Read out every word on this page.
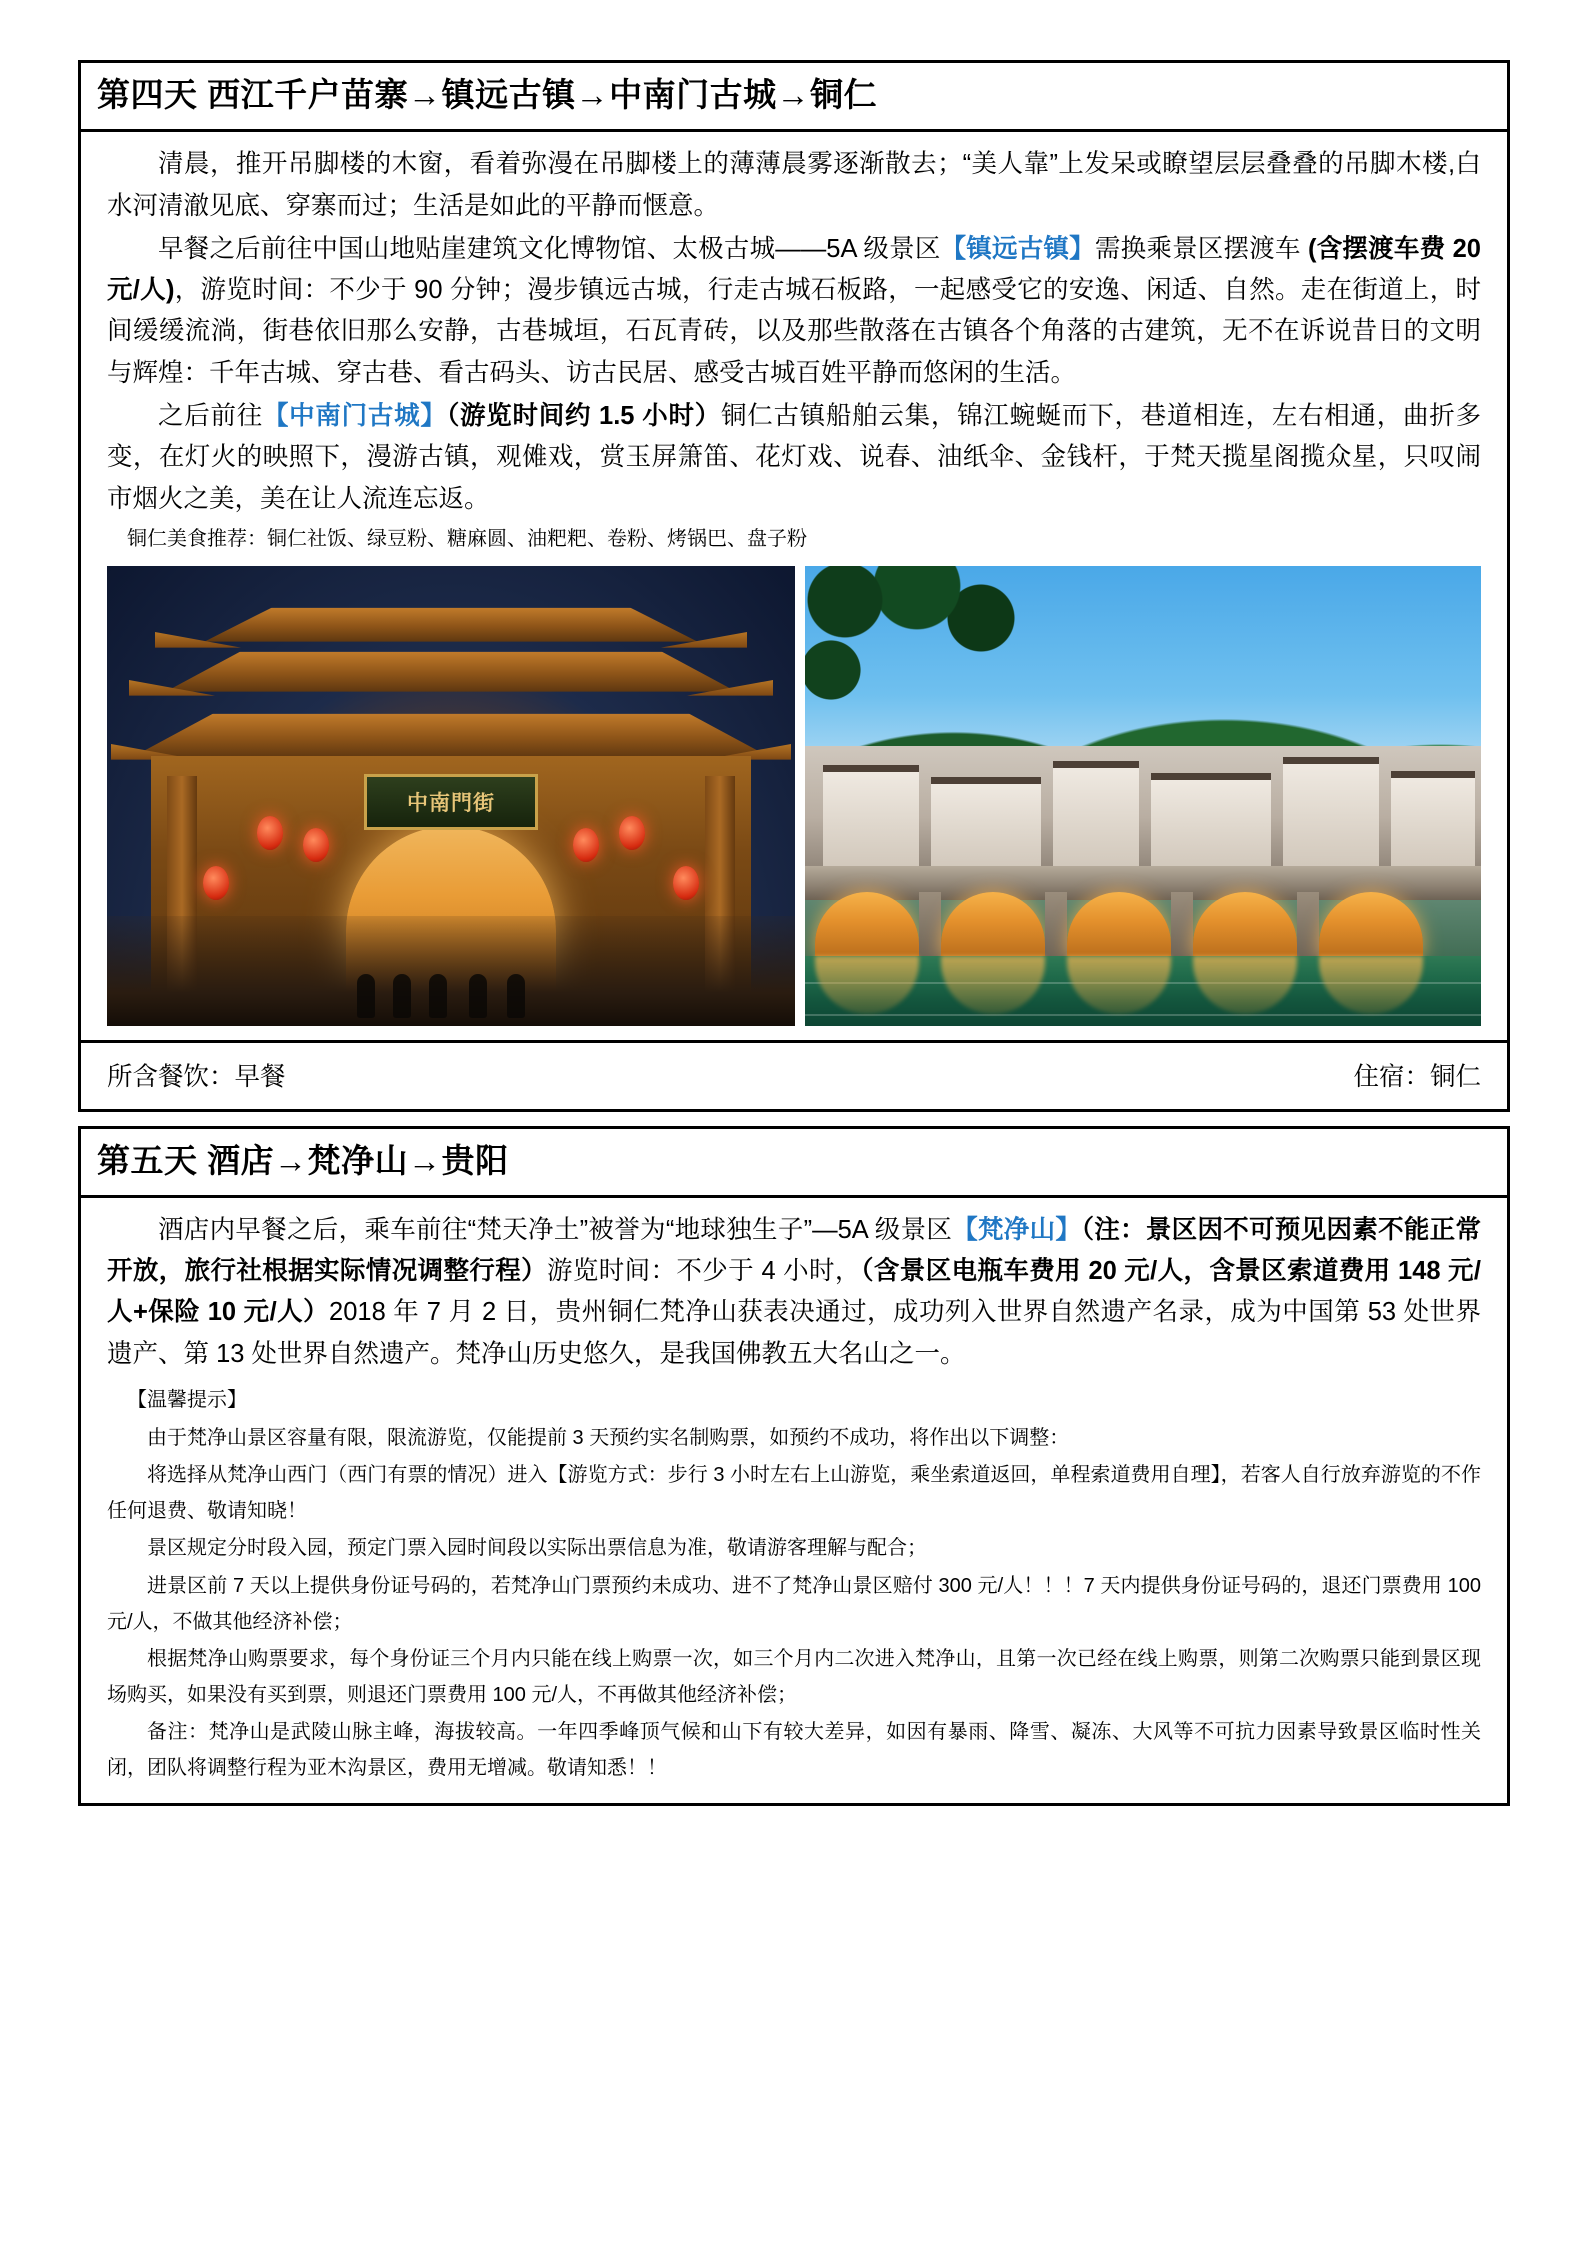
第四天 西江千户苗寨→镇远古镇→中南门古城→铜仁

清晨，推开吊脚楼的木窗，看着弥漫在吊脚楼上的薄薄晨雾逐渐散去；“美人靠”上发呆或瞭望层层叠叠的吊脚木楼,白水河清澈见底、穿寨而过；生活是如此的平静而惬意。

早餐之后前往中国山地贴崖建筑文化博物馆、太极古城——5A 级景区【镇远古镇】需换乘景区摆渡车 (含摆渡车费 20 元/人)，游览时间：不少于 90 分钟；漫步镇远古城，行走古城石板路，一起感受它的安逸、闲适、自然。走在街道上，时间缓缓流淌，街巷依旧那么安静，古巷城垣，石瓦青砖，以及那些散落在古镇各个角落的古建筑，无不在诉说昔日的文明与辉煌：千年古城、穿古巷、看古码头、访古民居、感受古城百姓平静而悠闲的生活。

之后前往【中南门古城】（游览时间约 1.5 小时）铜仁古镇船舶云集，锦江蜿蜒而下，巷道相连，左右相通，曲折多变，在灯火的映照下，漫游古镇，观傩戏，赏玉屏箫笛、花灯戏、说春、油纸伞、金钱杆，于梵天揽星阁揽众星，只叹闹市烟火之美，美在让人流连忘返。

铜仁美食推荐：铜仁社饭、绿豆粉、糖麻圆、油粑粑、卷粉、烤锅巴、盘子粉

中南門街
所含餐饮：早餐	住宿：铜仁
第五天 酒店→梵净山→贵阳

酒店内早餐之后，乘车前往“梵天净土”被誉为“地球独生子”—5A 级景区【梵净山】（注：景区因不可预见因素不能正常开放，旅行社根据实际情况调整行程）游览时间：不少于 4 小时，（含景区电瓶车费用 20 元/人，含景区索道费用 148 元/人+保险 10 元/人）2018 年 7 月 2 日，贵州铜仁梵净山获表决通过，成功列入世界自然遗产名录，成为中国第 53 处世界遗产、第 13 处世界自然遗产。梵净山历史悠久，是我国佛教五大名山之一。

【温馨提示】

由于梵净山景区容量有限，限流游览，仅能提前 3 天预约实名制购票，如预约不成功，将作出以下调整：

将选择从梵净山西门（西门有票的情况）进入【游览方式：步行 3 小时左右上山游览，乘坐索道返回，单程索道费用自理】，若客人自行放弃游览的不作任何退费、敬请知晓！

景区规定分时段入园，预定门票入园时间段以实际出票信息为准，敬请游客理解与配合；

进景区前 7 天以上提供身份证号码的，若梵净山门票预约未成功、进不了梵净山景区赔付 300 元/人！！！7 天内提供身份证号码的，退还门票费用 100 元/人，不做其他经济补偿；

根据梵净山购票要求，每个身份证三个月内只能在线上购票一次，如三个月内二次进入梵净山，且第一次已经在线上购票，则第二次购票只能到景区现场购买，如果没有买到票，则退还门票费用 100 元/人，不再做其他经济补偿；

备注：梵净山是武陵山脉主峰，海拔较高。一年四季峰顶气候和山下有较大差异，如因有暴雨、降雪、凝冻、大风等不可抗力因素导致景区临时性关闭，团队将调整行程为亚木沟景区，费用无增减。敬请知悉！！
